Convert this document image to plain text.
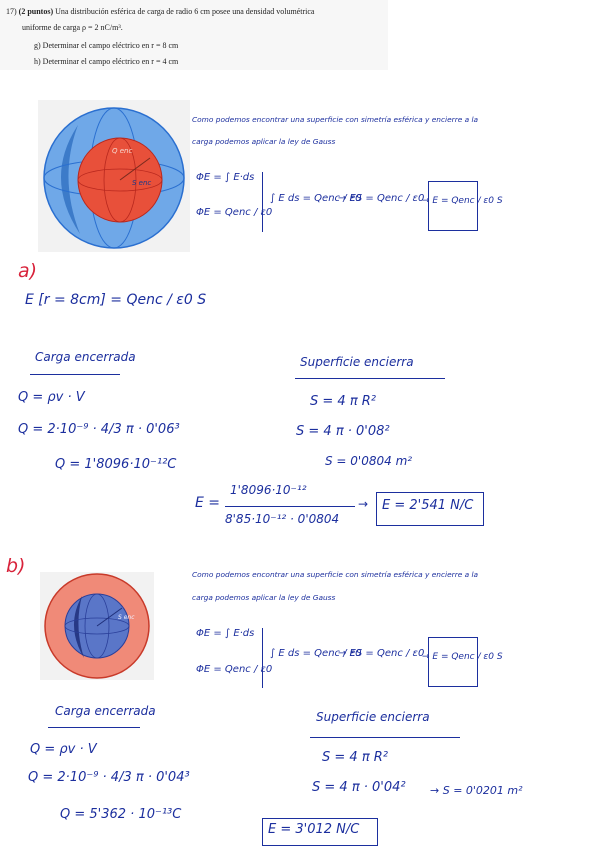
17) (2 puntos) Una distribución esférica de carga de radio 6 cm posee una densidad volumétrica
uniforme de carga ρ = 2 nC/m³.
g) Determinar el campo eléctrico en r = 8 cm
h) Determinar el campo eléctrico en r = 4 cm
Q enc
S enc
Como podemos encontrar una superficie con simetría esférica y encierre a la
carga podemos aplicar la ley de Gauss
ΦE = ∫ E·ds
ΦE = Qenc / ε0
∫ E ds = Qenc / ε0
→ ES = Qenc / ε0
→ E = Qenc / ε0 S
a)
E [r = 8cm] = Qenc / ε0 S
Carga encerrada
Q = ρv · V
Q = 2·10⁻⁹ · 4/3 π · 0'06³
Q = 1'8096·10⁻¹²C
Superficie encierra
S = 4 π R²
S = 4 π · 0'08²
S = 0'0804 m²
E =
1'8096·10⁻¹²
8'85·10⁻¹² · 0'0804
→ E = 2'541 N/C
b)
S enc
Como podemos encontrar una superficie con simetría esférica y encierre a la
carga podemos aplicar la ley de Gauss
ΦE = ∫ E·ds
ΦE = Qenc / ε0
∫ E ds = Qenc / ε0
→ ES = Qenc / ε0
→ E = Qenc / ε0 S
Carga encerrada
Q = ρv · V
Q = 2·10⁻⁹ · 4/3 π · 0'04³
Q = 5'362 · 10⁻¹³C
Superficie encierra
S = 4 π R²
S = 4 π · 0'04² → S = 0'0201 m²
E = 3'012 N/C
